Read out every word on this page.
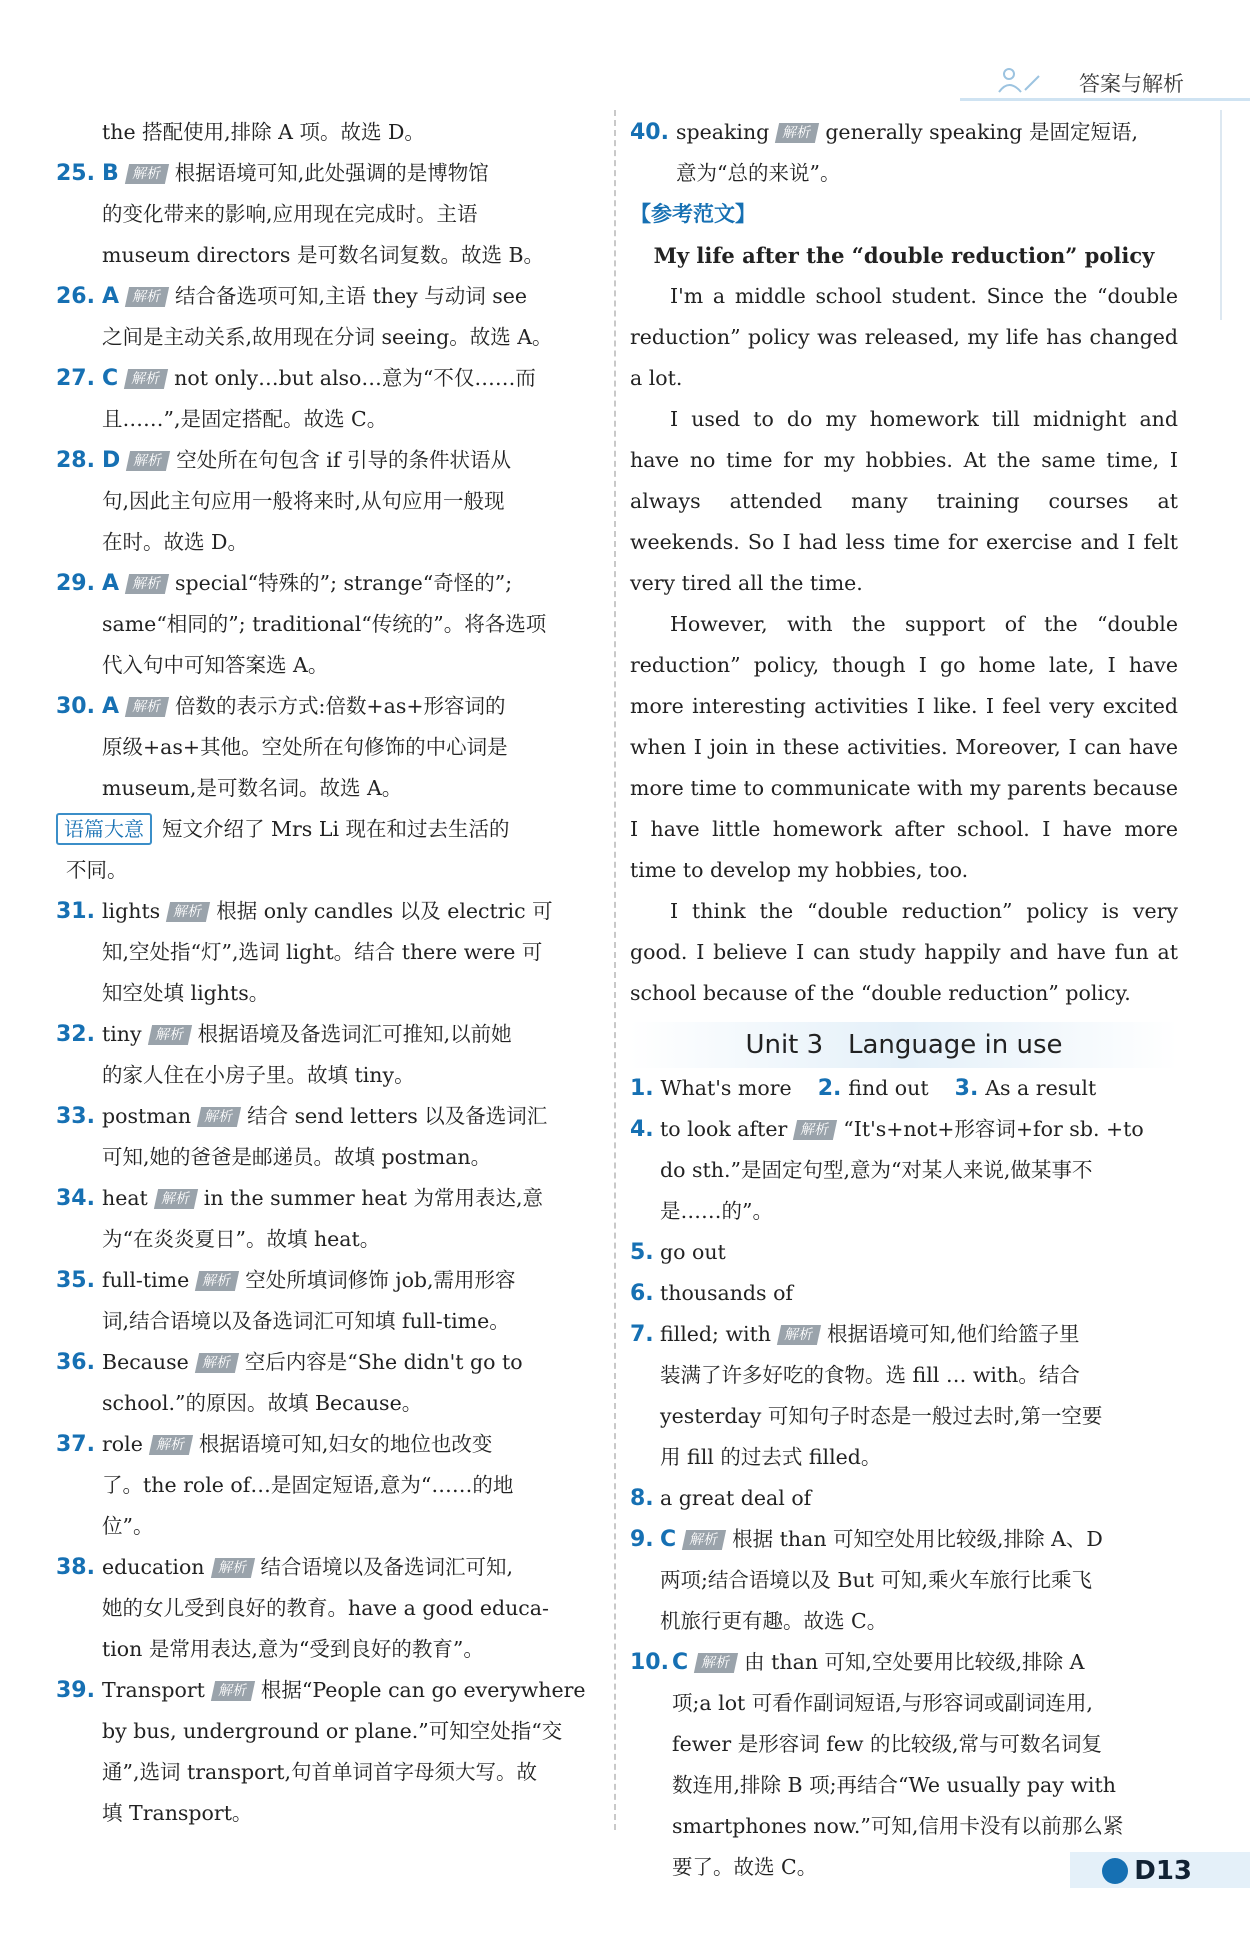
答案与解析
the 搭配使用,排除 A 项。故选 D。
25. B 解析 根据语境可知,此处强调的是博物馆
的变化带来的影响,应用现在完成时。主语
museum directors 是可数名词复数。故选 B。
26. A 解析 结合备选项可知,主语 they 与动词 see
之间是主动关系,故用现在分词 seeing。故选 A。
27. C 解析 not only…but also…意为“不仅……而
且……”,是固定搭配。故选 C。
28. D 解析 空处所在句包含 if 引导的条件状语从
句,因此主句应用一般将来时,从句应用一般现
在时。故选 D。
29. A 解析 special“特殊的”; strange“奇怪的”;
same“相同的”; traditional“传统的”。将各选项
代入句中可知答案选 A。
30. A 解析 倍数的表示方式:倍数+as+形容词的
原级+as+其他。空处所在句修饰的中心词是
museum,是可数名词。故选 A。
语篇大意 短文介绍了 Mrs Li 现在和过去生活的
不同。
31. lights 解析 根据 only candles 以及 electric 可
知,空处指“灯”,选词 light。结合 there were 可
知空处填 lights。
32. tiny 解析 根据语境及备选词汇可推知,以前她
的家人住在小房子里。故填 tiny。
33. postman 解析 结合 send letters 以及备选词汇
可知,她的爸爸是邮递员。故填 postman。
34. heat 解析 in the summer heat 为常用表达,意
为“在炎炎夏日”。故填 heat。
35. full-time 解析 空处所填词修饰 job,需用形容
词,结合语境以及备选词汇可知填 full-time。
36. Because 解析 空后内容是“She didn't go to
school.”的原因。故填 Because。
37. role 解析 根据语境可知,妇女的地位也改变
了。the role of…是固定短语,意为“……的地
位”。
38. education 解析 结合语境以及备选词汇可知,
她的女儿受到良好的教育。have a good educa-
tion 是常用表达,意为“受到良好的教育”。
39. Transport 解析 根据“People can go everywhere
by bus, underground or plane.”可知空处指“交
通”,选词 transport,句首单词首字母须大写。故
填 Transport。
40. speaking 解析 generally speaking 是固定短语,
意为“总的来说”。
【参考范文】
My life after the “double reduction” policy
I'm a middle school student. Since the “double reduction” policy was released, my life has changed a lot.
I used to do my homework till midnight and have no time for my hobbies. At the same time, I always attended many training courses at weekends. So I had less time for exercise and I felt very tired all the time.
However, with the support of the “double reduction” policy, though I go home late, I have more interesting activities I like. I feel very excited when I join in these activities. Moreover, I can have more time to communicate with my parents because I have little homework after school. I have more time to develop my hobbies, too.
I think the “double reduction” policy is very good. I believe I can study happily and have fun at school because of the “double reduction” policy.
Unit 3   Language in use
1. What's more 2. find out 3. As a result
4. to look after 解析 “It's+not+形容词+for sb. +to
do sth.”是固定句型,意为“对某人来说,做某事不
是……的”。
5. go out
6. thousands of
7. filled; with 解析 根据语境可知,他们给篮子里
装满了许多好吃的食物。选 fill … with。结合
yesterday 可知句子时态是一般过去时,第一空要
用 fill 的过去式 filled。
8. a great deal of
9. C 解析 根据 than 可知空处用比较级,排除 A、D
两项;结合语境以及 But 可知,乘火车旅行比乘飞
机旅行更有趣。故选 C。
10. C 解析 由 than 可知,空处要用比较级,排除 A
项;a lot 可看作副词短语,与形容词或副词连用,
fewer 是形容词 few 的比较级,常与可数名词复
数连用,排除 B 项;再结合“We usually pay with
smartphones now.”可知,信用卡没有以前那么紧
要了。故选 C。	D13
